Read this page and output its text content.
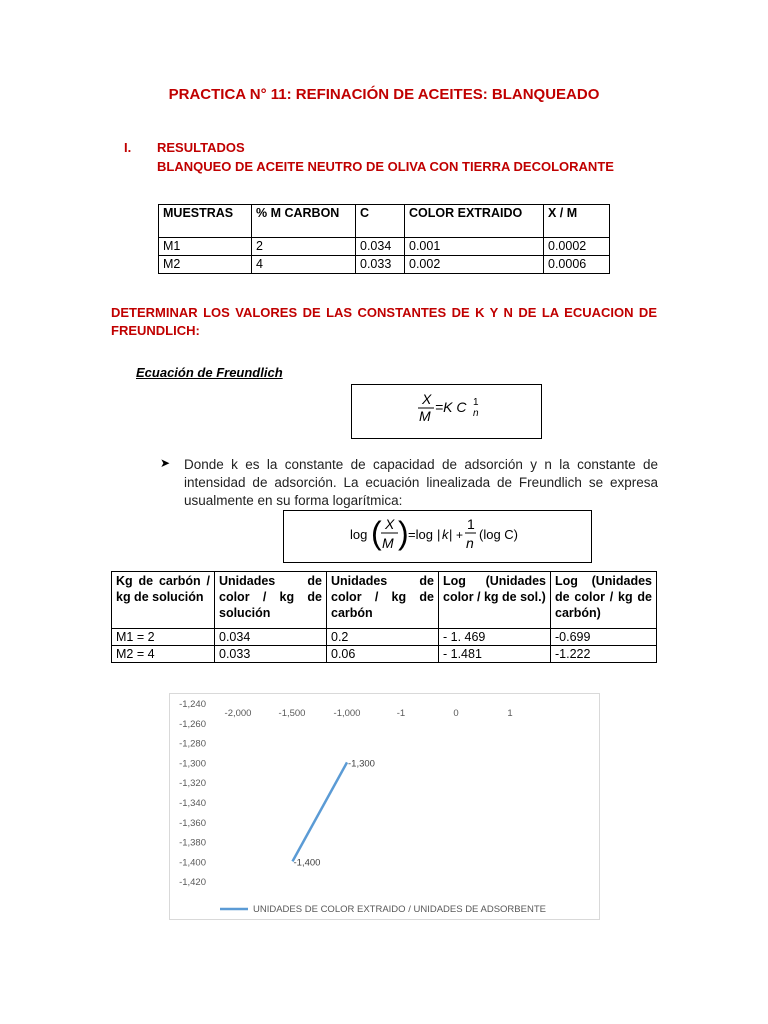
PRACTICA N° 11: REFINACIÓN DE ACEITES: BLANQUEADO
I. RESULTADOS
BLANQUEO DE ACEITE NEUTRO DE OLIVA CON TIERRA DECOLORANTE
MUESTRAS	% M CARBON	C	COLOR EXTRAIDO	X / M
M1	2	0.034	0.001	0.0002
M2	4	0.033	0.002	0.0006
DETERMINAR LOS VALORES DE LAS CONSTANTES DE K Y N DE LA ECUACION DE FREUNDLICH:
Ecuación de Freundlich
X
M
=K C 1
n
➤ Donde k es la constante de capacidad de adsorción y n la constante de intensidad de adsorción. La ecuación linealizada de Freundlich se expresa usualmente en su forma logarítmica:
log ( X
M ) =log | k | +
1
n
(log C)
Kg de carbón / kg de solución	Unidades de color / kg de solución	Unidades de color / kg de carbón	Log (Unidades color / kg de sol.)	Log (Unidades de color / kg de carbón)
M1 = 2	0.034	0.2	- 1. 469	-0.699
M2 = 4	0.033	0.06	- 1.481	-1.222
-1,240
-1,260
-1,280
-1,300
-1,320
-1,340
-1,360
-1,380
-1,400
-1,420
-2,000	-1,500	-1,000	-1	0	1
-1,400
-1,300
UNIDADES DE COLOR EXTRAIDO / UNIDADES DE ADSORBENTE
